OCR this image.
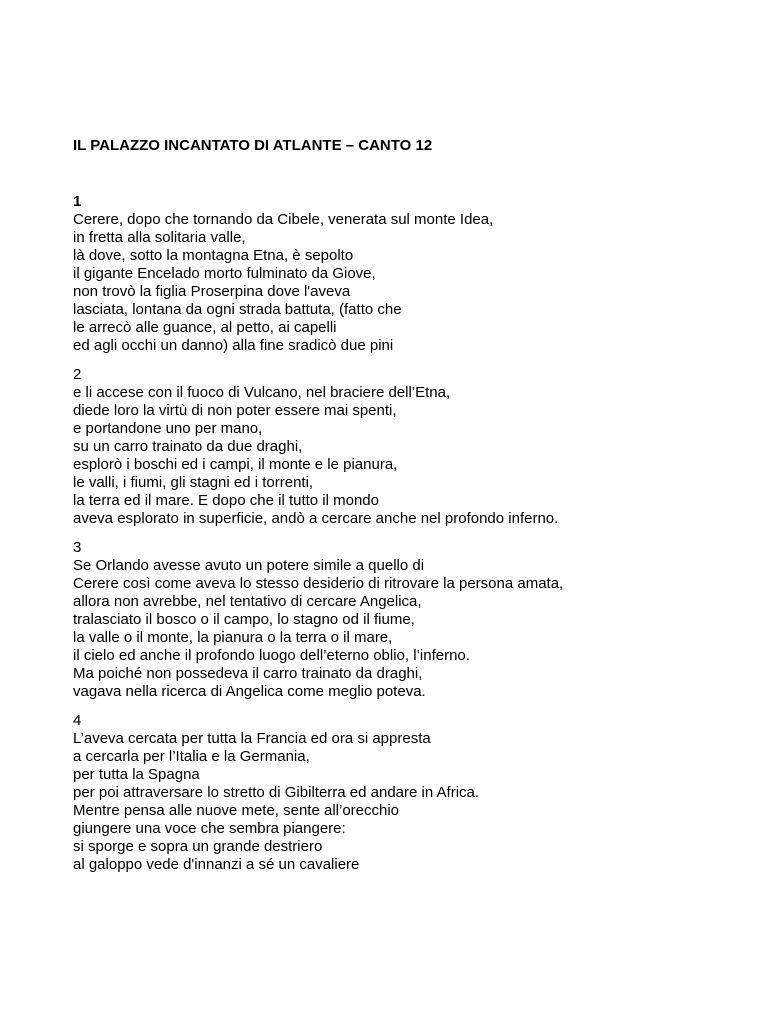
IL PALAZZO INCANTATO DI ATLANTE – CANTO 12
1
Cerere, dopo che tornando da Cibele, venerata sul monte Idea,
in fretta alla solitaria valle,
là dove, sotto la montagna Etna, è sepolto
il gigante Encelado morto fulminato da Giove,
non trovò la figlia Proserpina dove l'aveva
lasciata, lontana da ogni strada battuta, (fatto che
le arrecò alle guance, al petto, ai capelli
ed agli occhi un danno) alla fine sradicò due pini
2
e li accese con il fuoco di Vulcano, nel braciere dell’Etna,
diede loro la virtù di non poter essere mai spenti,
e portandone uno per mano,
su un carro trainato da due draghi,
esplorò i boschi ed i campi, il monte e le pianura,
le valli, i fiumi, gli stagni ed i torrenti,
la terra ed il mare. E dopo che il tutto il mondo
aveva esplorato in superficie, andò a cercare anche nel profondo inferno.
3
Se Orlando avesse avuto un potere simile a quello di
Cerere così come aveva lo stesso desiderio di ritrovare la persona amata,
allora non avrebbe, nel tentativo di cercare Angelica,
tralasciato il bosco o il campo, lo stagno od il fiume,
la valle o il monte, la pianura o la terra o il mare,
il cielo ed anche il profondo luogo dell’eterno oblio, l’inferno.
Ma poiché non possedeva il carro trainato da draghi,
vagava nella ricerca di Angelica come meglio poteva.
4
L’aveva cercata per tutta la Francia ed ora si appresta
a cercarla per l’Italia e la Germania,
per tutta la Spagna
per poi attraversare lo stretto di Gibilterra ed andare in Africa.
Mentre pensa alle nuove mete, sente all’orecchio
giungere una voce che sembra piangere:
si sporge e sopra un grande destriero
al galoppo vede d'innanzi a sé un cavaliere
